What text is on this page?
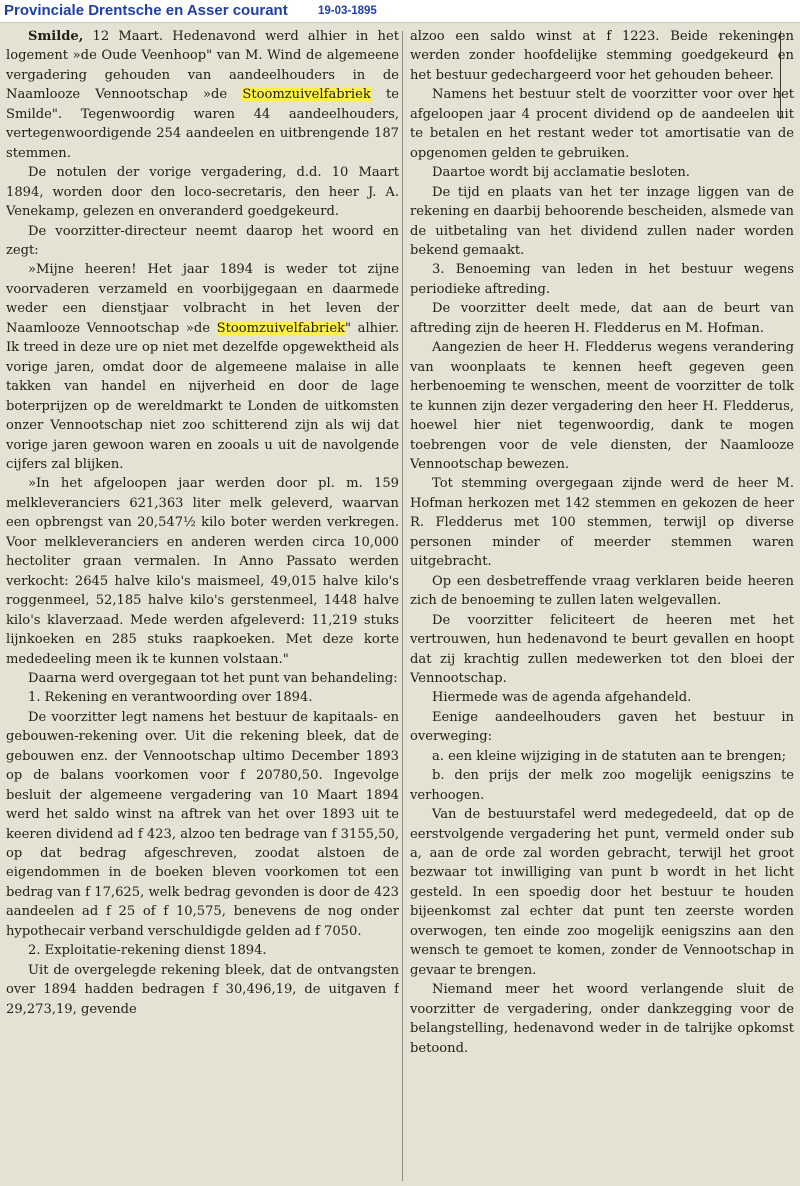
Provinciale Drentsche en Asser courant	19-03-1895

Smilde, 12 Maart. Hedenavond werd alhier in het logement »de Oude Veenhoop" van M. Wind de algemeene vergadering gehouden van aandeelhouders in de Naamlooze Vennootschap »de Stoomzuivelfabriek te Smilde". Tegenwoordig waren 44 aandeelhouders, vertegenwoordigende 254 aandeelen en uitbrengende 187 stemmen.

De notulen der vorige vergadering, d.d. 10 Maart 1894, worden door den loco-secretaris, den heer J. A. Venekamp, gelezen en onveranderd goedgekeurd.

De voorzitter-directeur neemt daarop het woord en zegt:

»Mijne heeren! Het jaar 1894 is weder tot zijne voorvaderen verzameld en voorbijgegaan en daarmede weder een dienstjaar volbracht in het leven der Naamlooze Vennootschap »de Stoomzuivelfabriek" alhier. Ik treed in deze ure op niet met dezelfde opgewektheid als vorige jaren, omdat door de algemeene malaise in alle takken van handel en nijverheid en door de lage boterprijzen op de wereldmarkt te Londen de uitkomsten onzer Vennootschap niet zoo schitterend zijn als wij dat vorige jaren gewoon waren en zooals u uit de navolgende cijfers zal blijken.

»In het afgeloopen jaar werden door pl. m. 159 melkleveranciers 621,363 liter melk geleverd, waarvan een opbrengst van 20,547½ kilo boter werden verkregen. Voor melkleveranciers en anderen werden circa 10,000 hectoliter graan vermalen. In Anno Passato werden verkocht: 2645 halve kilo's maismeel, 49,015 halve kilo's roggenmeel, 52,185 halve kilo's gerstenmeel, 1448 halve kilo's klaverzaad. Mede werden afgeleverd: 11,219 stuks lijnkoeken en 285 stuks raapkoeken. Met deze korte mededeeling meen ik te kunnen volstaan."

Daarna werd overgegaan tot het punt van behandeling:

1. Rekening en verantwoording over 1894.

De voorzitter legt namens het bestuur de kapitaals- en gebouwen-rekening over. Uit die rekening bleek, dat de gebouwen enz. der Vennootschap ultimo December 1893 op de balans voorkomen voor f 20780,50. Ingevolge besluit der algemeene vergadering van 10 Maart 1894 werd het saldo winst na aftrek van het over 1893 uit te keeren dividend ad f 423, alzoo ten bedrage van f 3155,50, op dat bedrag afgeschreven, zoodat alstoen de eigendommen in de boeken bleven voorkomen tot een bedrag van f 17,625, welk bedrag gevonden is door de 423 aandeelen ad f 25 of f 10,575, benevens de nog onder hypothecair verband verschuldigde gelden ad f 7050.

2. Exploitatie-rekening dienst 1894.

Uit de overgelegde rekening bleek, dat de ontvangsten over 1894 hadden bedragen f 30,496,19, de uitgaven f 29,273,19, gevende

alzoo een saldo winst at f 1223. Beide rekeningen werden zonder hoofdelijke stemming goedgekeurd en het bestuur gedechargeerd voor het gehouden beheer.

Namens het bestuur stelt de voorzitter voor over het afgeloopen jaar 4 procent dividend op de aandeelen uit te betalen en het restant weder tot amortisatie van de opgenomen gelden te gebruiken.

Daartoe wordt bij acclamatie besloten.

De tijd en plaats van het ter inzage liggen van de rekening en daarbij behoorende bescheiden, alsmede van de uitbetaling van het dividend zullen nader worden bekend gemaakt.

3. Benoeming van leden in het bestuur wegens periodieke aftreding.

De voorzitter deelt mede, dat aan de beurt van aftreding zijn de heeren H. Fledderus en M. Hofman.

Aangezien de heer H. Fledderus wegens verandering van woonplaats te kennen heeft gegeven geen herbenoeming te wenschen, meent de voorzitter de tolk te kunnen zijn dezer vergadering den heer H. Fledderus, hoewel hier niet tegenwoordig, dank te mogen toebrengen voor de vele diensten, der Naamlooze Vennootschap bewezen.

Tot stemming overgegaan zijnde werd de heer M. Hofman herkozen met 142 stemmen en gekozen de heer R. Fledderus met 100 stemmen, terwijl op diverse personen minder of meerder stemmen waren uitgebracht.

Op een desbetreffende vraag verklaren beide heeren zich de benoeming te zullen laten welgevallen.

De voorzitter feliciteert de heeren met het vertrouwen, hun hedenavond te beurt gevallen en hoopt dat zij krachtig zullen medewerken tot den bloei der Vennootschap.

Hiermede was de agenda afgehandeld.

Eenige aandeelhouders gaven het bestuur in overweging:

a. een kleine wijziging in de statuten aan te brengen;

b. den prijs der melk zoo mogelijk eenigszins te verhoogen.

Van de bestuurstafel werd medegedeeld, dat op de eerstvolgende vergadering het punt, vermeld onder sub a, aan de orde zal worden gebracht, terwijl het groot bezwaar tot inwilliging van punt b wordt in het licht gesteld. In een spoedig door het bestuur te houden bijeenkomst zal echter dat punt ten zeerste worden overwogen, ten einde zoo mogelijk eenigszins aan den wensch te gemoet te komen, zonder de Vennootschap in gevaar te brengen.

Niemand meer het woord verlangende sluit de voorzitter de vergadering, onder dankzegging voor de belangstelling, hedenavond weder in de talrijke opkomst betoond.
